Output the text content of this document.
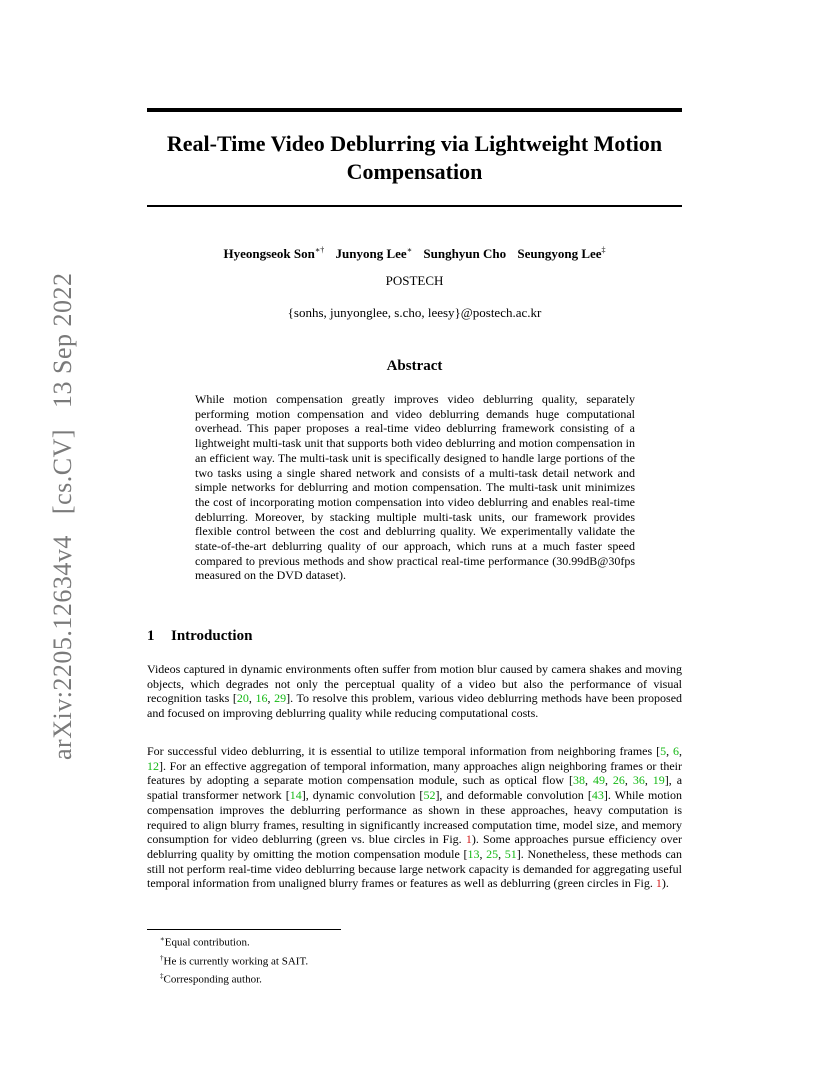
arXiv:2205.12634v4 [cs.CV] 13 Sep 2022
Real-Time Video Deblurring via Lightweight Motion
Compensation
Hyeongseok Son∗† Junyong Lee∗ Sunghyun Cho Seungyong Lee‡
POSTECH
{sonhs, junyonglee, s.cho, leesy}@postech.ac.kr
Abstract

While motion compensation greatly improves video deblurring quality, separately performing motion compensation and video deblurring demands huge computational overhead. This paper proposes a real-time video deblurring framework consisting of a lightweight multi-task unit that supports both video deblurring and motion compensation in an efficient way. The multi-task unit is specifically designed to handle large portions of the two tasks using a single shared network and consists of a multi-task detail network and simple networks for deblurring and motion compensation. The multi-task unit minimizes the cost of incorporating motion compensation into video deblurring and enables real-time deblurring. Moreover, by stacking multiple multi-task units, our framework provides flexible control between the cost and deblurring quality. We experimentally validate the state-of-the-art deblurring quality of our approach, which runs at a much faster speed compared to previous methods and show practical real-time performance (30.99dB@30fps measured on the DVD dataset).

1 Introduction

Videos captured in dynamic environments often suffer from motion blur caused by camera shakes and moving objects, which degrades not only the perceptual quality of a video but also the performance of visual recognition tasks [20, 16, 29]. To resolve this problem, various video deblurring methods have been proposed and focused on improving deblurring quality while reducing computational costs.

For successful video deblurring, it is essential to utilize temporal information from neighboring frames [5, 6, 12]. For an effective aggregation of temporal information, many approaches align neighboring frames or their features by adopting a separate motion compensation module, such as optical flow [38, 49, 26, 36, 19], a spatial transformer network [14], dynamic convolution [52], and deformable convolution [43]. While motion compensation improves the deblurring performance as shown in these approaches, heavy computation is required to align blurry frames, resulting in significantly increased computation time, model size, and memory consumption for video deblurring (green vs. blue circles in Fig. 1). Some approaches pursue efficiency over deblurring quality by omitting the motion compensation module [13, 25, 51]. Nonetheless, these methods can still not perform real-time video deblurring because large network capacity is demanded for aggregating useful temporal information from unaligned blurry frames or features as well as deblurring (green circles in Fig. 1).

∗Equal contribution.
†He is currently working at SAIT.
‡Corresponding author.
